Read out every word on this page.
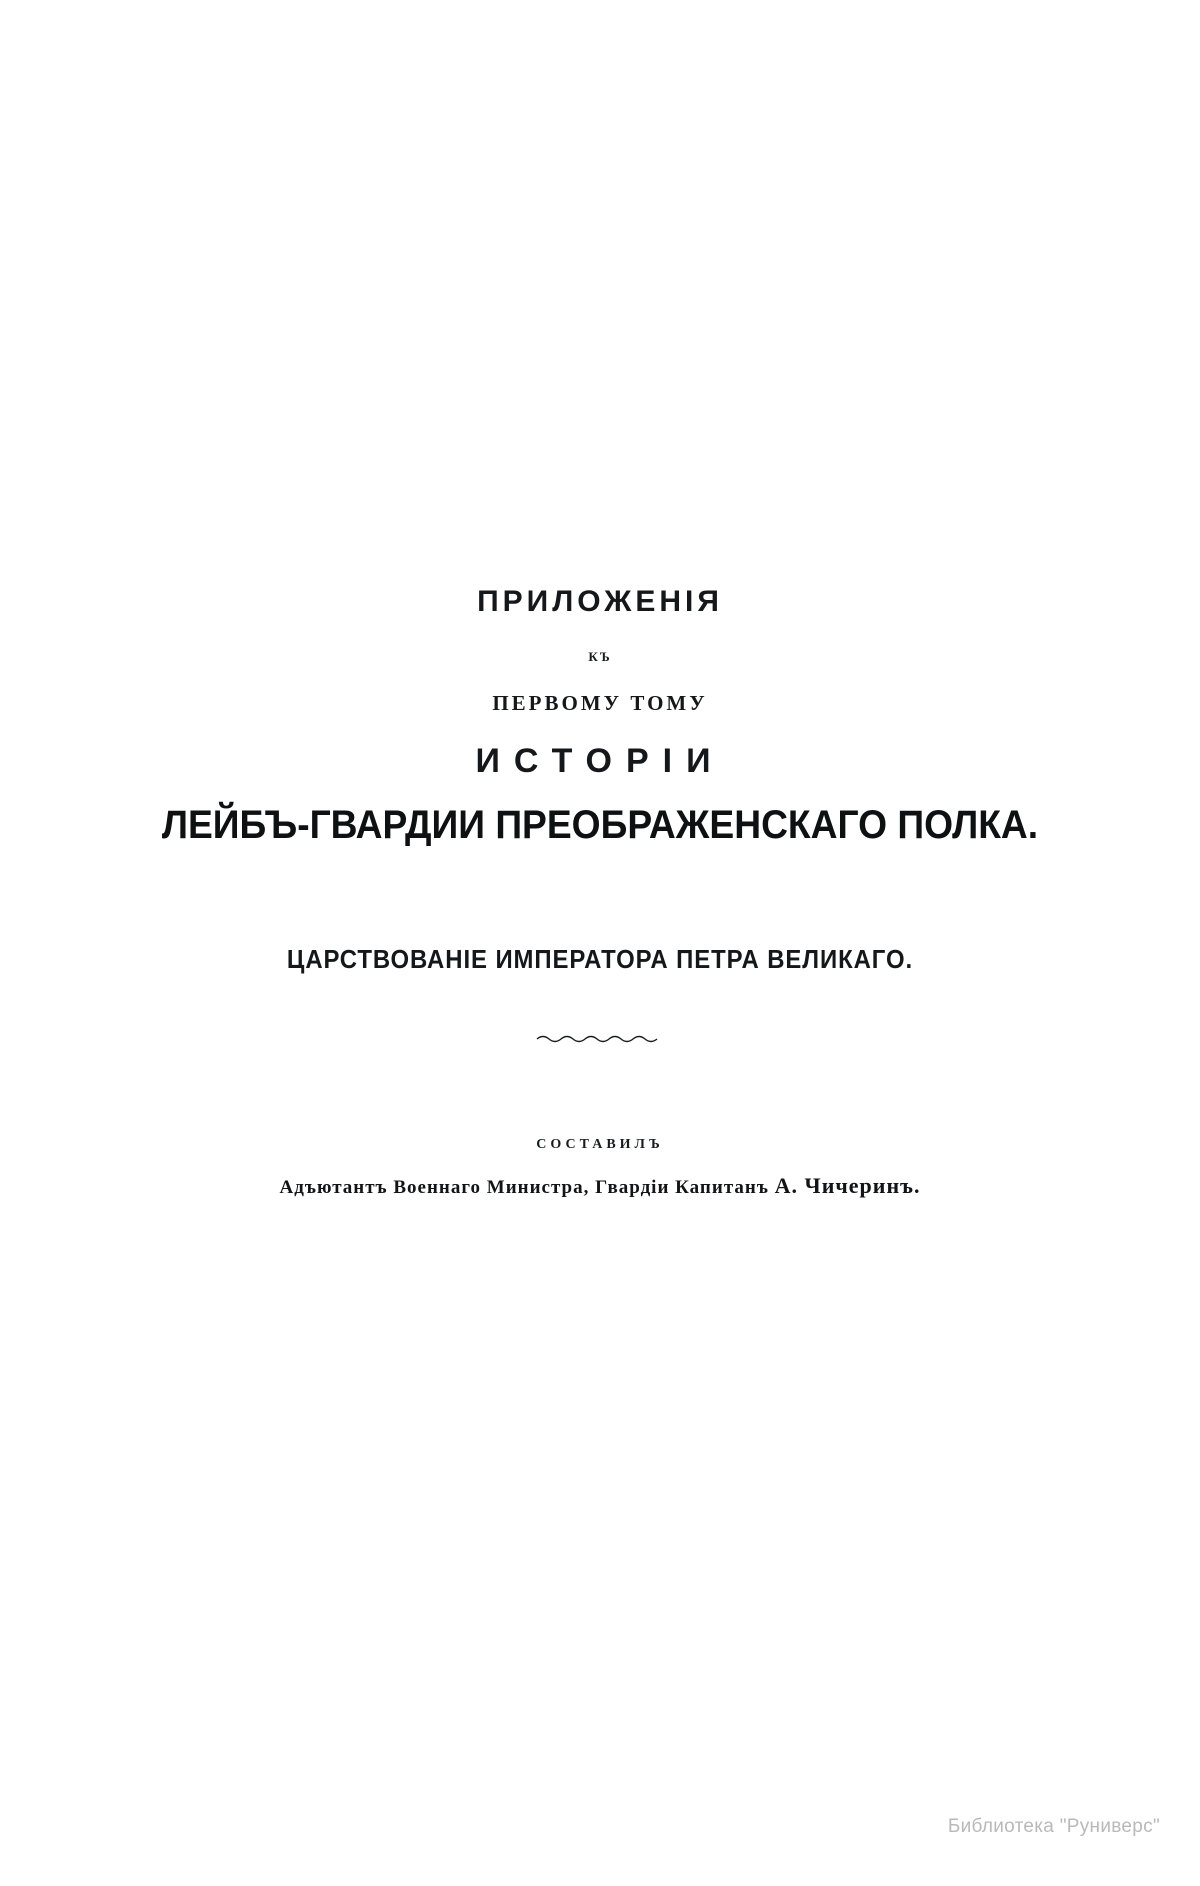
ПРИЛОЖЕНІЯ
КЪ
ПЕРВОМУ ТОМУ
ИСТОРІИ
ЛЕЙБЪ-ГВАРДИИ ПРЕОБРАЖЕНСКАГО ПОЛКА.
ЦАРСТВОВАНІЕ ИМПЕРАТОРА ПЕТРА ВЕЛИКАГО.
СОСТАВИЛЪ
Адъютантъ Военнаго Министра, Гвардіи Капитанъ А. Чичеринъ.
Библиотека "Руниверс"
